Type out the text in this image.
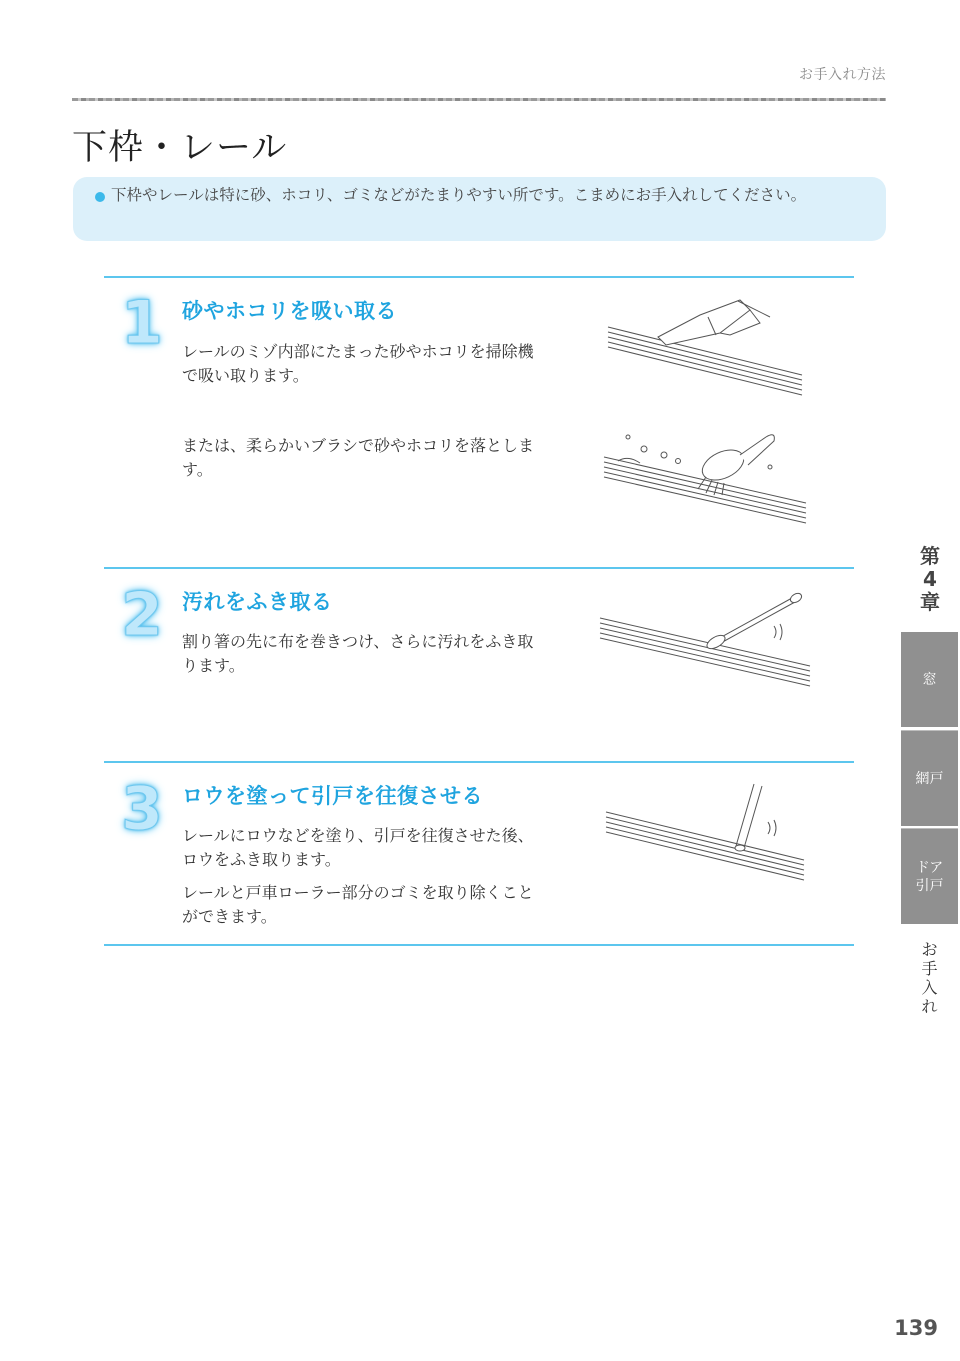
お手入れ方法
下枠・レール
下枠やレールは特に砂、ホコリ、ゴミなどがたまりやすい所です。こまめにお手入れしてください。
1 砂やホコリを吸い取る
レールのミゾ内部にたまった砂やホコリを掃除機で吸い取ります。
または、柔らかいブラシで砂やホコリを落とします。
2 汚れをふき取る
割り箸の先に布を巻きつけ、さらに汚れをふき取ります。
3 ロウを塗って引戸を往復させる
レールにロウなどを塗り、引戸を往復させた後、ロウをふき取ります。
レールと戸車ローラー部分のゴミを取り除くことができます。
第
4
章
窓
網戸
ドア
引戸
お
手
入
れ
139
